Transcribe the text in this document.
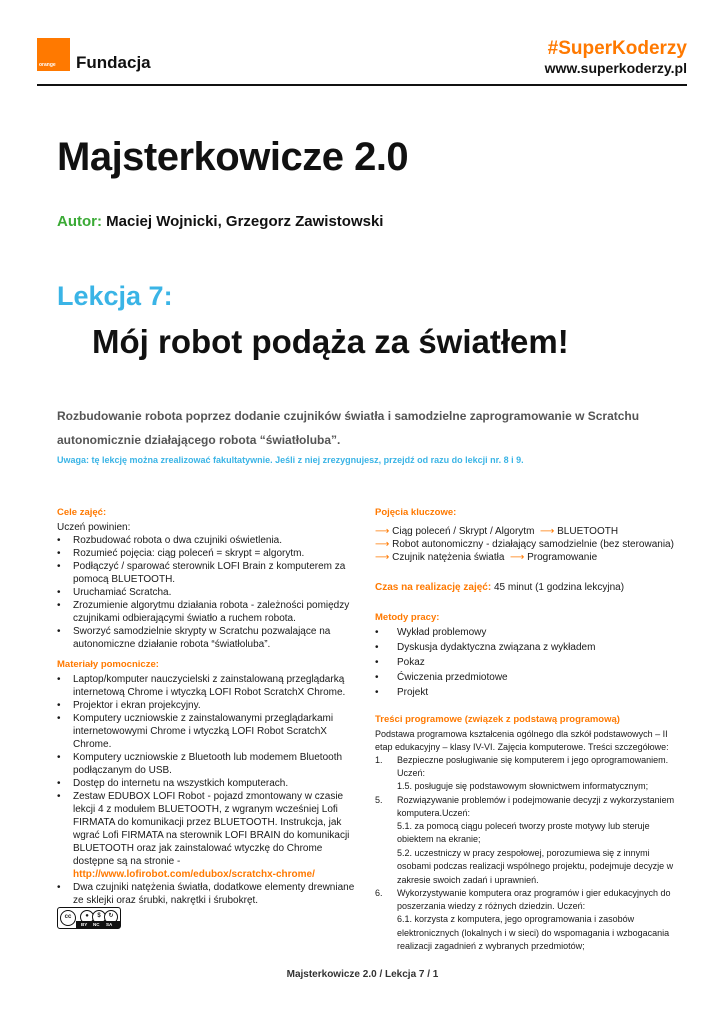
orange Fundacja
#SuperKoderzy
www.superkoderzy.pl
Majsterkowicze 2.0
Autor: Maciej Wojnicki, Grzegorz Zawistowski
Lekcja 7:
Mój robot podąża za światłem!
Rozbudowanie robota poprzez dodanie czujników światła i samodzielne zaprogramowanie w Scratchu autonomicznie działającego robota “światłoluba”.
Uwaga: tę lekcję można zrealizować fakultatywnie. Jeśli z niej zrezygnujesz, przejdź od razu do lekcji nr. 8 i 9.
Cele zajęć:
Uczeń powinien:
• Rozbudować robota o dwa czujniki oświetlenia.
• Rozumieć pojęcia: ciąg poleceń = skrypt = algorytm.
• Podłączyć / sparować sterownik LOFI Brain z komputerem za pomocą BLUETOOTH.
• Uruchamiać Scratcha.
• Zrozumienie algorytmu działania robota - zależności pomiędzy czujnikami odbierającymi światło a ruchem robota.
• Sworzyć samodzielnie skrypty w Scratchu pozwalające na autonomiczne działanie robota “światłoluba”.
Materiały pomocnicze:
• Laptop/komputer nauczycielski z zainstalowaną przeglądarką internetową Chrome i wtyczką LOFI Robot ScratchX Chrome.
• Projektor i ekran projekcyjny.
• Komputery uczniowskie z zainstalowanymi przeglądarkami internetowowymi Chrome i wtyczką LOFI Robot ScratchX Chrome.
• Komputery uczniowskie z Bluetooth lub modemem Bluetooth podłączanym do USB.
• Dostęp do internetu na wszystkich komputerach.
• Zestaw EDUBOX LOFI Robot - pojazd zmontowany w czasie lekcji 4 z modułem BLUETOOTH, z wgranym wcześniej Lofi FIRMATA do komunikacji przez BLUETOOTH. Instrukcja, jak wgrać Lofi FIRMATA na sterownik LOFI BRAIN do komunikacji BLUETOOTH oraz jak zainstalować wtyczkę do Chrome dostępne są na stronie -
http://www.lofirobot.com/edubox/scratchx-chrome/
• Dwa czujniki natężenia światła, dodatkowe elementy drewniane ze sklejki oraz śrubki, nakrętki i śrubokręt.
Pojęcia kluczowe:
⟶ Ciąg poleceń / Skrypt / Algorytm ⟶ BLUETOOTH
⟶ Robot autonomiczny - działający samodzielnie (bez sterowania)
⟶ Czujnik natężenia światła ⟶ Programowanie
Czas na realizację zajęć: 45 minut (1 godzina lekcyjna)
Metody pracy:
• Wykład problemowy
• Dyskusja dydaktyczna związana z wykładem
• Pokaz
• Ćwiczenia przedmiotowe
• Projekt
Treści programowe (związek z podstawą programową)
Podstawa programowa kształcenia ogólnego dla szkół podstawowych – II etap edukacyjny – klasy IV-VI. Zajęcia komputerowe. Treści szczegółowe:
1. Bezpieczne posługiwanie się komputerem i jego oprogramowaniem. Uczeń:
1.5. posługuje się podstawowym słownictwem informatycznym;
5. Rozwiązywanie problemów i podejmowanie decyzji z wykorzystaniem komputera.Uczeń:
5.1. za pomocą ciągu poleceń tworzy proste motywy lub steruje obiektem na ekranie;
5.2. uczestniczy w pracy zespołowej, porozumiewa się z innymi osobami podczas realizacji wspólnego projektu, podejmuje decyzje w zakresie swoich zadań i uprawnień.
6. Wykorzystywanie komputera oraz programów i gier edukacyjnych do poszerzania wiedzy z różnych dziedzin. Uczeń:
6.1. korzysta z komputera, jego oprogramowania i zasobów elektronicznych (lokalnych i w sieci) do wspomagania i wzbogacania realizacji zagadnień z wybranych przedmiotów;
cc	●	$	↻
BY NC SA
Majsterkowicze 2.0 / Lekcja 7 / 1
